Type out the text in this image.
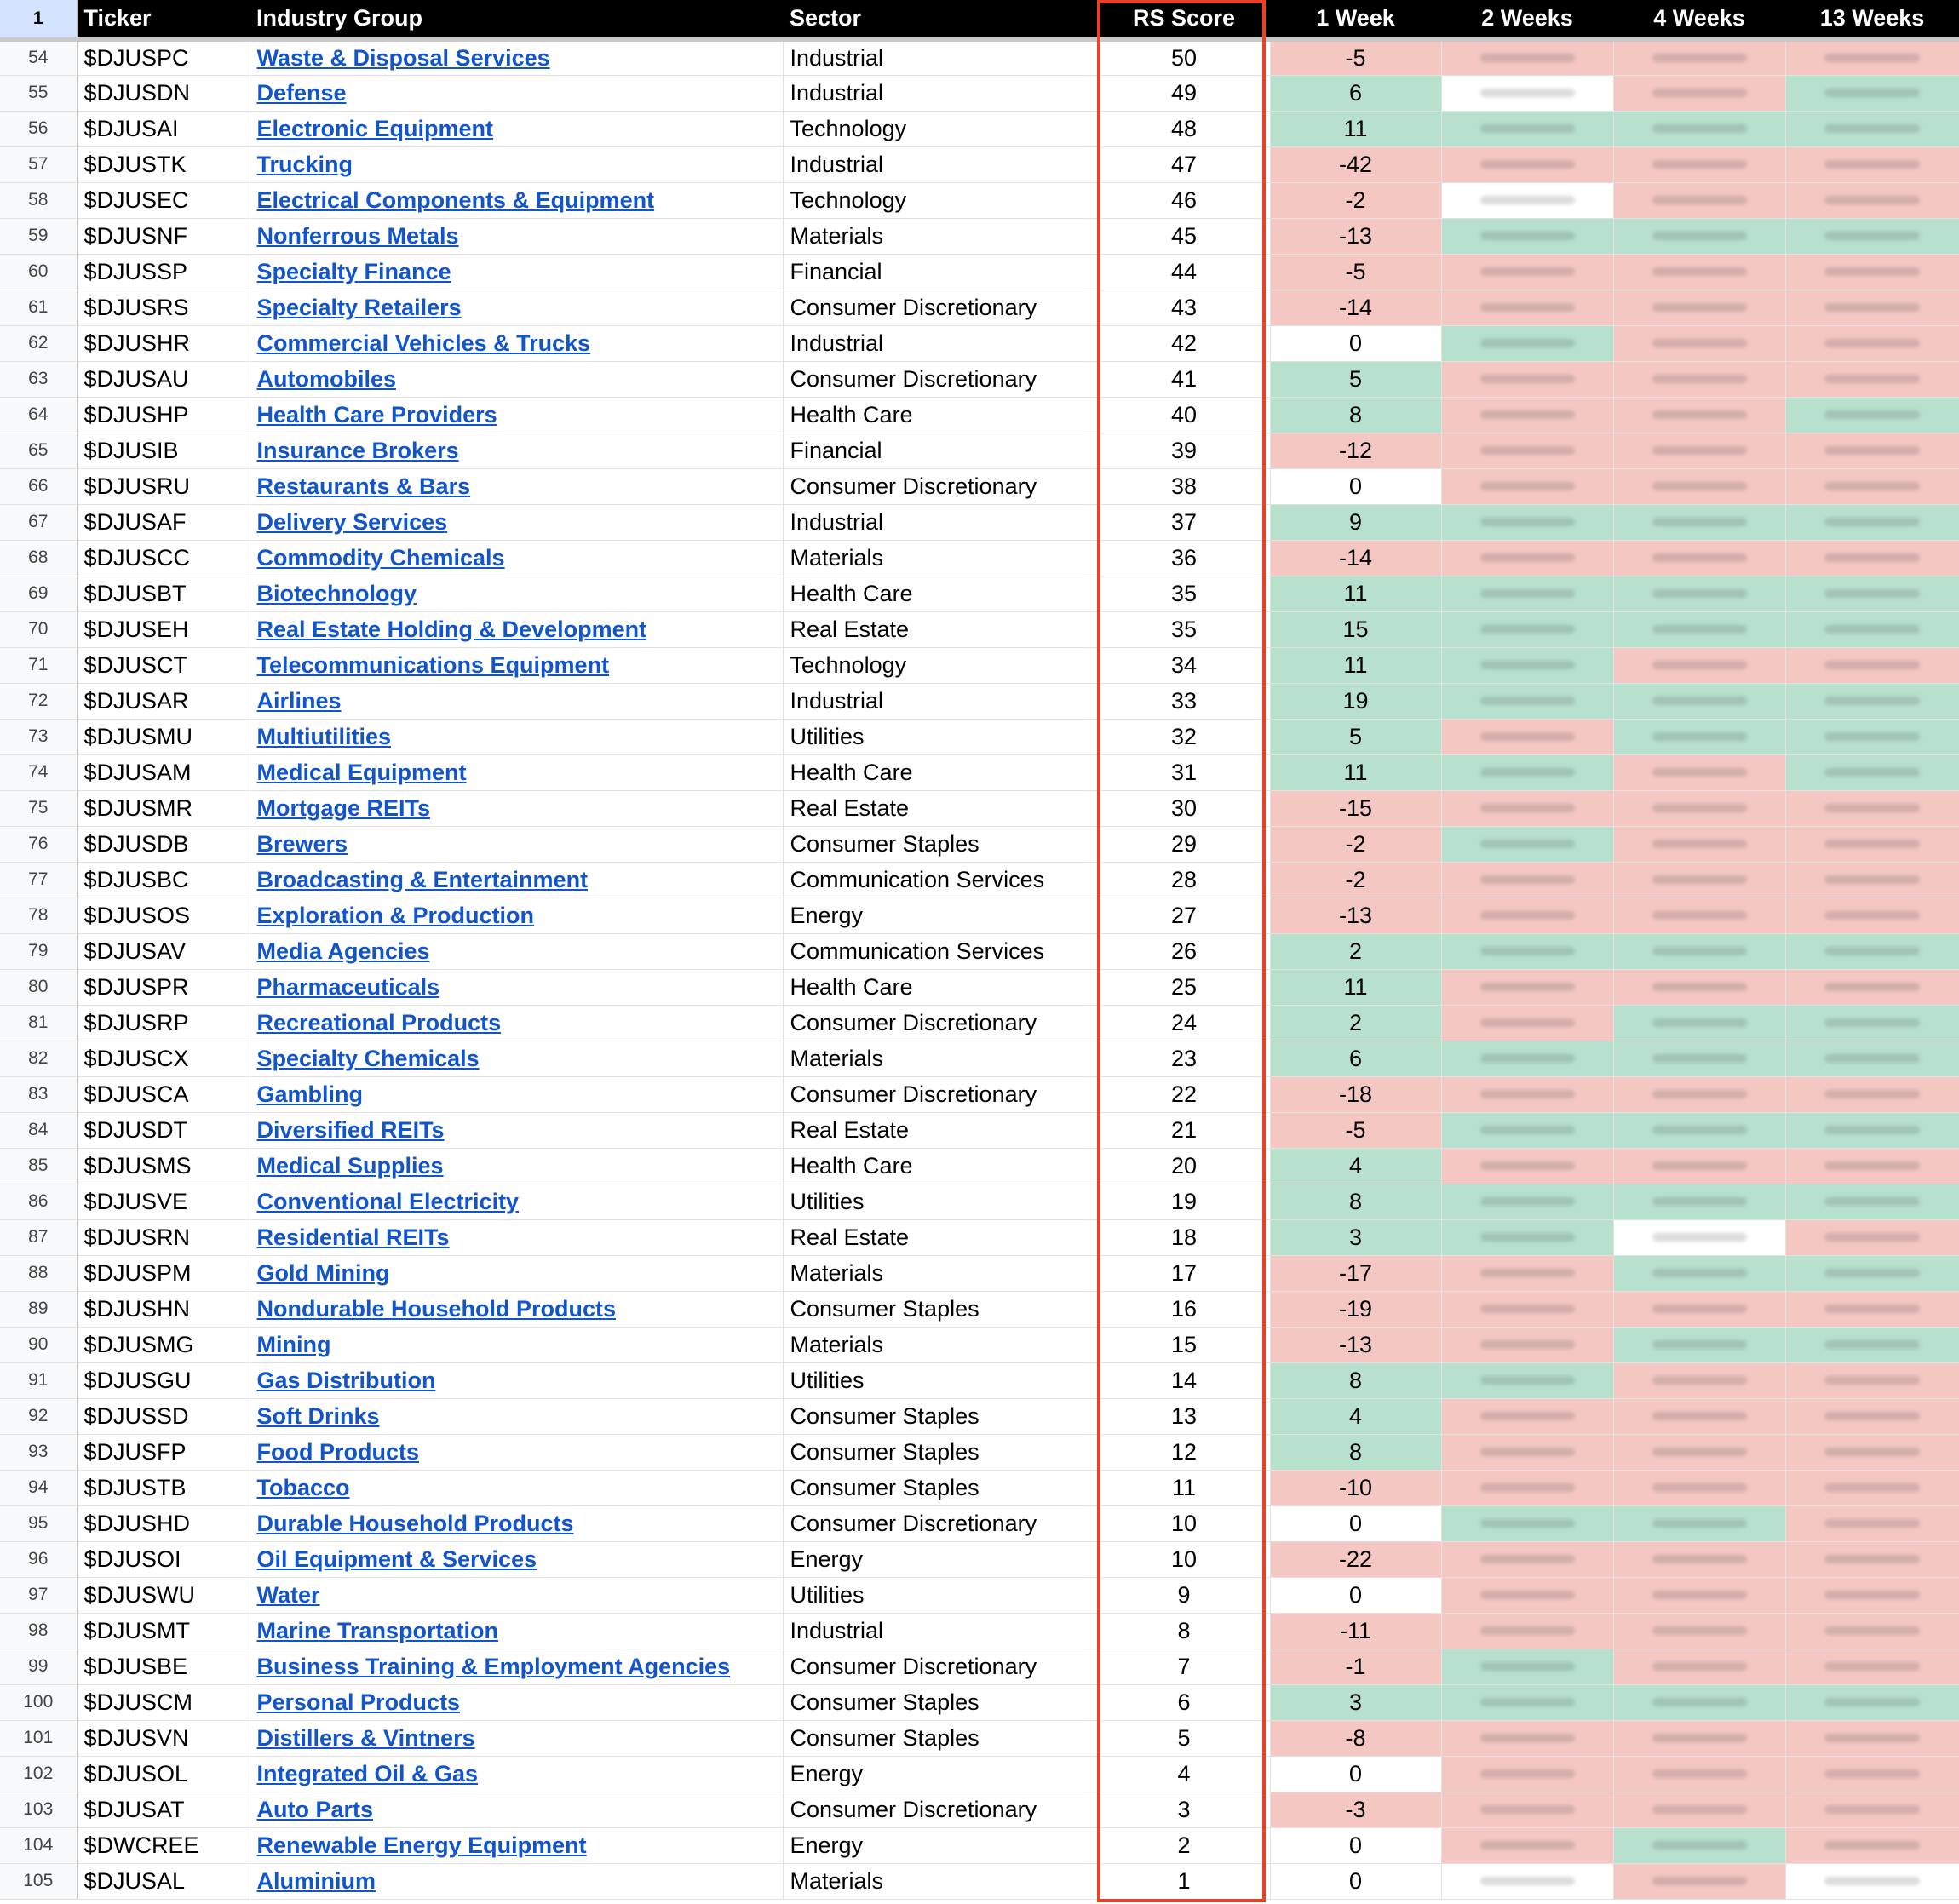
1	Ticker	Industry Group	Sector	RS Score	1 Week	2 Weeks	4 Weeks	13 Weeks
54	$DJUSPC	Waste & Disposal Services	Industrial	50	-5	

55	$DJUSDN	Defense	Industrial	49	6	

56	$DJUSAI	Electronic Equipment	Technology	48	11	

57	$DJUSTK	Trucking	Industrial	47	-42	

58	$DJUSEC	Electrical Components & Equipment	Technology	46	-2	

59	$DJUSNF	Nonferrous Metals	Materials	45	-13	

60	$DJUSSP	Specialty Finance	Financial	44	-5	

61	$DJUSRS	Specialty Retailers	Consumer Discretionary	43	-14	

62	$DJUSHR	Commercial Vehicles & Trucks	Industrial	42	0	

63	$DJUSAU	Automobiles	Consumer Discretionary	41	5	

64	$DJUSHP	Health Care Providers	Health Care	40	8	

65	$DJUSIB	Insurance Brokers	Financial	39	-12	

66	$DJUSRU	Restaurants & Bars	Consumer Discretionary	38	0	

67	$DJUSAF	Delivery Services	Industrial	37	9	

68	$DJUSCC	Commodity Chemicals	Materials	36	-14	

69	$DJUSBT	Biotechnology	Health Care	35	11	

70	$DJUSEH	Real Estate Holding & Development	Real Estate	35	15	

71	$DJUSCT	Telecommunications Equipment	Technology	34	11	

72	$DJUSAR	Airlines	Industrial	33	19	

73	$DJUSMU	Multiutilities	Utilities	32	5	

74	$DJUSAM	Medical Equipment	Health Care	31	11	

75	$DJUSMR	Mortgage REITs	Real Estate	30	-15	

76	$DJUSDB	Brewers	Consumer Staples	29	-2	

77	$DJUSBC	Broadcasting & Entertainment	Communication Services	28	-2	

78	$DJUSOS	Exploration & Production	Energy	27	-13	

79	$DJUSAV	Media Agencies	Communication Services	26	2	

80	$DJUSPR	Pharmaceuticals	Health Care	25	11	

81	$DJUSRP	Recreational Products	Consumer Discretionary	24	2	

82	$DJUSCX	Specialty Chemicals	Materials	23	6	

83	$DJUSCA	Gambling	Consumer Discretionary	22	-18	

84	$DJUSDT	Diversified REITs	Real Estate	21	-5	

85	$DJUSMS	Medical Supplies	Health Care	20	4	

86	$DJUSVE	Conventional Electricity	Utilities	19	8	

87	$DJUSRN	Residential REITs	Real Estate	18	3	

88	$DJUSPM	Gold Mining	Materials	17	-17	

89	$DJUSHN	Nondurable Household Products	Consumer Staples	16	-19	

90	$DJUSMG	Mining	Materials	15	-13	

91	$DJUSGU	Gas Distribution	Utilities	14	8	

92	$DJUSSD	Soft Drinks	Consumer Staples	13	4	

93	$DJUSFP	Food Products	Consumer Staples	12	8	

94	$DJUSTB	Tobacco	Consumer Staples	11	-10	

95	$DJUSHD	Durable Household Products	Consumer Discretionary	10	0	

96	$DJUSOI	Oil Equipment & Services	Energy	10	-22	

97	$DJUSWU	Water	Utilities	9	0	

98	$DJUSMT	Marine Transportation	Industrial	8	-11	

99	$DJUSBE	Business Training & Employment Agencies	Consumer Discretionary	7	-1	

100	$DJUSCM	Personal Products	Consumer Staples	6	3	

101	$DJUSVN	Distillers & Vintners	Consumer Staples	5	-8	

102	$DJUSOL	Integrated Oil & Gas	Energy	4	0	

103	$DJUSAT	Auto Parts	Consumer Discretionary	3	-3	

104	$DWCREE	Renewable Energy Equipment	Energy	2	0	

105	$DJUSAL	Aluminium	Materials	1	0	
